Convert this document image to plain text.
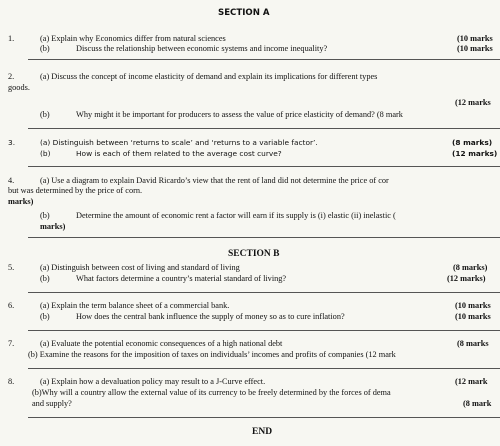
SECTION A
1.	(a) Explain why Economics differ from natural sciences	(10 marks
(b)	Discuss the relationship between economic systems and income inequality?	(10 marks
2.	(a) Discuss the concept of income elasticity of demand and explain its implications for different types
goods.
(12 marks
(b)	Why might it be important for producers to assess the value of price elasticity of demand? (8 mark
3.	(a) Distinguish between ‘returns to scale’ and ‘returns to a variable factor’.	(8 marks)
(b)	How is each of them related to the average cost curve?	(12 marks)
4.	(a) Use a diagram to explain David Ricardo’s view that the rent of land did not determine the price of cor
but was determined by the price of corn.
marks)
(b)	Determine the amount of economic rent a factor will earn if its supply is (i) elastic (ii) inelastic (
marks)
SECTION B
5.	(a) Distinguish between cost of living and standard of living	(8 marks)
(b)	What factors determine a country’s material standard of living?	(12 marks)
6.	(a) Explain the term balance sheet of a commercial bank.	(10 marks
(b)	How does the central bank influence the supply of money so as to cure inflation?	(10 marks
7.	(a) Evaluate the potential economic consequences of a high national debt	(8 marks
(b) Examine the reasons for the imposition of taxes on individuals’ incomes and profits of companies (12 mark
8.	(a) Explain how a devaluation policy may result to a J-Curve effect.	(12 mark
(b)Why will a country allow the external value of its currency to be freely determined by the forces of dema
and supply?	(8 mark
END
